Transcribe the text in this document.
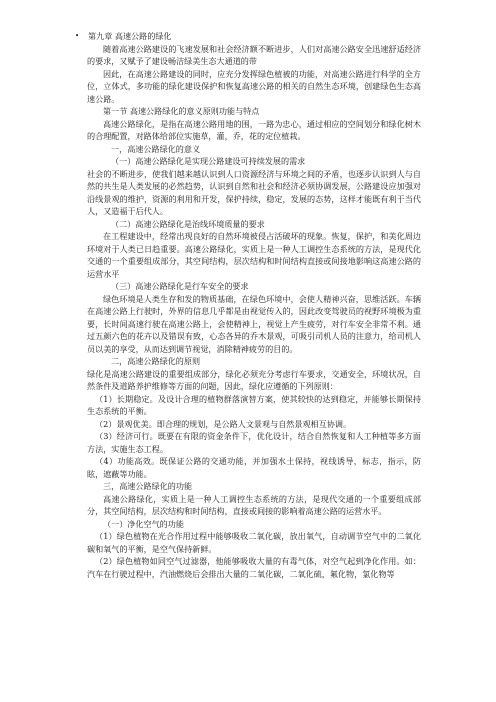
• 第九章 高速公路的绿化

随着高速公路建设的飞速发展和社会经济额不断进步，人们对高速公路安全迅速舒适经济的要求，又赋予了建设畅洁绿美生态大通道的带

因此，在高速公路建设的同时，应充分发挥绿色植被的功能，对高速公路进行科学的全方位，立体式，多功能的绿化建设保护和恢复高速公路的相关的自然生态环境，创建绿色生态高速公路。

第一节 高速公路绿化的意义原则功能与特点

高速公路绿化，是指在高速公路用地的围，一路为忠心，通过相应的空间划分和绿化树木的合理配置，对路体给部位实施草，灌，乔，花的定位植栽。

一，高速公路绿化的意义

（一）高速公路绿化是实现公路建设可持续发展的需求

社会的不断进步，使我们越来越认识到人口资源经济与环境之间的矛盾，也逐步认识到人与自然的共生是人类发展的必然趋势，认识到自然和社会和经济必须协调发展，公路建设应加强对沿线景观的维护，资源的利用和开发，保护持续，稳定，发展的态势，这样才能既有利于当代人，又造福于后代人。

（二）高速公路绿化是治线环境质量的要求

在工程建设中，经常出现良好的自然环境被侵占活破坏的现象。恢复，保护，和美化周边环境对于人类已日趋重要。高速公路绿化，实质上是一种人工调控生态系统的方法，是现代化交通的一个重要组成部分，其空间结构，层次结构和时间结构直接或间接地影响这高速公路的运营水平

（三）高速公路绿化是行车安全的要求

绿色环境是人类生存和发的物质基础，在绿色环境中，会使人精神兴奋，思维活跃。车辆在高速公路上行驶时，外界的信息几乎都是由视觉传入的，因此改变驾驶员的视野环境极为重要，长时间高速行驶在高速公路上，会使精神上，视觉上产生疲劳，对行车安全非常不利。通过五颜六色的花卉以及错误有致，心态各异的乔木景观，可吸引司机人员的注意力，给司机人员以美的享受，从而达到调节视觉，消除精神疲劳的目的。

二，高速公路绿化的原则

绿化是高速公路建设的重要组成部分，绿化必须充分考虑行车要求，交通安全，环境状况，自然条件及道路养护维修等方面的问题，因此，绿化应遵循的下列原则：

（1）长期稳定。及设计合理的植物群落演替方案，使其较快的达到稳定，并能够长期保持生态系统的平衡。

（2）景观优美。即合理的规划，是公路人文景观与自然景观相互协调。

（3）经济可行。既要在有限的资金条件下，优化设计，结合自然恢复和人工种植等多方面方法，实施生态工程。

（4）功能高效。既保证公路的交通功能，并加强水土保持，视线诱导，标志，指示，防眩，遮蔽等功能。

三，高速公路绿化的功能

高速公路绿化，实质上是一种人工调控生态系统的方法，是现代交通的一个重要组成部分，其空间结构，层次结构和时间结构，直接或间接的影响着高速公路的运营水平。

（一）净化空气的功能

（1）绿色植物在光合作用过程中能够吸收二氧化碳，放出氧气，自动调节空气中的二氧化碳和氧气的平衡，是空气保持新鲜。

（2）绿色植物如同空气过滤器，他能够吸收大量的有毒气体，对空气起到净化作用。如：汽车在行驶过程中，汽油燃烧后会排出大量的二氧化碳，二氧化硫，氟化物，氯化物等
